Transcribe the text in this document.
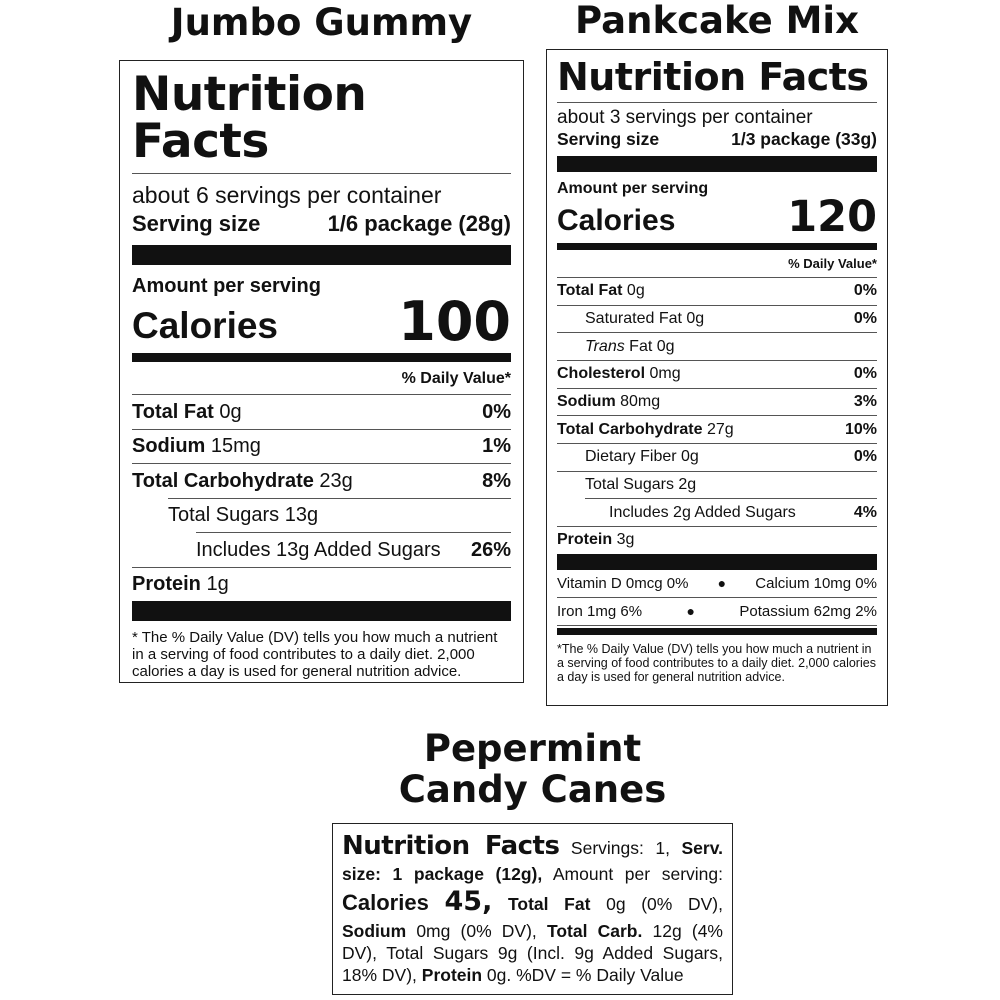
Jumbo Gummy	Pankcake Mix
Pepermint
Candy Canes
Nutrition Facts
about 6 servings per container
Serving size	1/6 package (28g)
Amount per serving
Calories 100
% Daily Value*
Total Fat 0g	0%
Sodium 15mg	1%
Total Carbohydrate 23g	8%
Total Sugars 13g
Includes 13g Added Sugars 26%
Protein 1g
* The % Daily Value (DV) tells you how much a nutrient in a serving of food contributes to a daily diet. 2,000 calories a day is used for general nutrition advice.
Nutrition Facts
about 3 servings per container
Serving size	1/3 package (33g)
Amount per serving
Calories	120
% Daily Value*
Total Fat 0g	0%
Saturated Fat 0g	0%
Trans Fat 0g
Cholesterol 0mg	0%
Sodium 80mg	3%
Total Carbohydrate 27g	10%
Dietary Fiber 0g	0%
Total Sugars 2g
Includes 2g Added Sugars	4%
Protein 3g
Vitamin D 0mcg 0% ● Calcium 10mg 0%
Iron 1mg 6%	●	Potassium 62mg 2%
*The % Daily Value (DV) tells you how much a nutrient in a serving of food contributes to a daily diet. 2,000 calories a day is used for general nutrition advice.

Nutrition Facts Servings: 1, Serv. size: 1 package (12g), Amount per serving: Calories 45, Total Fat 0g (0% DV), Sodium 0mg (0% DV), Total Carb. 12g (4% DV), Total Sugars 9g (Incl. 9g Added Sugars, 18% DV), Protein 0g. %DV = % Daily Value
